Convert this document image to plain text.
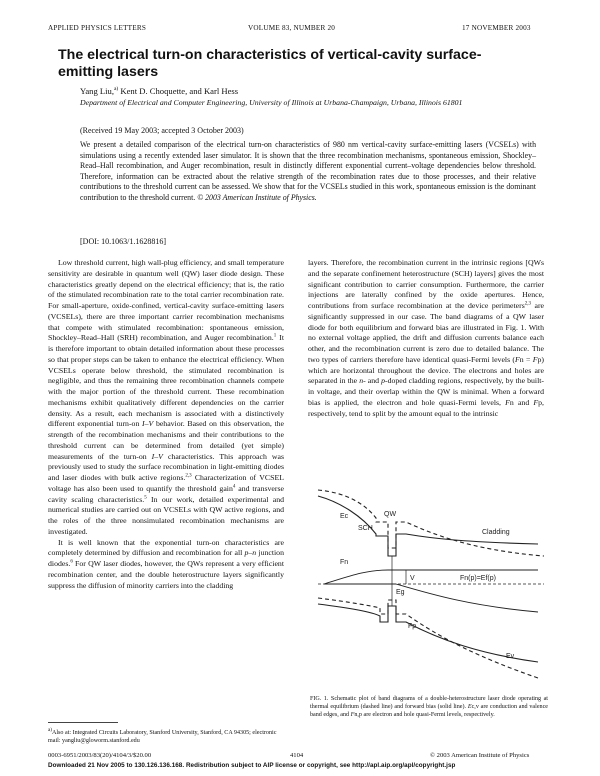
APPLIED PHYSICS LETTERS	VOLUME 83, NUMBER 20	17 NOVEMBER 2003
The electrical turn-on characteristics of vertical-cavity surface-emitting lasers
Yang Liu,$^{a)}$ Kent D. Choquette, and Karl Hess
Department of Electrical and Computer Engineering, University of Illinois at Urbana-Champaign, Urbana, Illinois 61801
(Received 19 May 2003; accepted 3 October 2003)
We present a detailed comparison of the electrical turn-on characteristics of 980 nm vertical-cavity surface-emitting lasers (VCSELs) with simulations using a recently extended laser simulator. It is shown that the three recombination mechanisms, spontaneous emission, Shockley–Read–Hall recombination, and Auger recombination, result in distinctly different exponential current–voltage dependencies below threshold. Therefore, information can be extracted about the relative strength of the recombination rates due to those processes, and their relative contributions to the threshold current can be assessed. We show that for the VCSELs studied in this work, spontaneous emission is the dominant contribution to the threshold current. © 2003 American Institute of Physics.
[DOI: 10.1063/1.1628816]

Low threshold current, high wall-plug efficiency, and small temperature sensitivity are desirable in quantum well (QW) laser diode design. These characteristics greatly depend on the electrical efficiency; that is, the ratio of the stimulated recombination rate to the total carrier recombination rate. For small-aperture, oxide-confined, vertical-cavity surface-emitting lasers (VCSELs), there are three important carrier recombination mechanisms that compete with stimulated recombination: spontaneous emission, Shockley–Read–Hall (SRH) recombination, and Auger recombination.$^1$ It is therefore important to obtain detailed information about these processes so that proper steps can be taken to enhance the electrical efficiency. When VCSELs operate below threshold, the stimulated recombination is negligible, and thus the remaining three recombination channels compete with the major portion of the threshold current. These recombination mechanisms exhibit qualitatively different dependencies on the carrier density. As a result, each mechanism is associated with a distinctively different exponential turn-on I–V behavior. Based on this observation, the strength of the recombination mechanisms and their contributions to the threshold current can be determined from detailed (yet simple) measurements of the turn-on I–V characteristics. This approach was previously used to study the surface recombination in light-emitting diodes and laser diodes with bulk active regions.$^{2,3}$ Characterization of VCSEL voltage has also been used to quantify the threshold gain$^4$ and transverse cavity scaling characteristics.$^5$ In our work, detailed experimental and numerical studies are carried out on VCSELs with QW active regions, and the roles of the three nonsimulated recombination mechanisms are investigated.

It is well known that the exponential turn-on characteristics are completely determined by diffusion and recombination for all p–n junction diodes.$^6$ For QW laser diodes, however, the QWs represent a very efficient recombination center, and the double heterostructure layers significantly suppress the diffusion of minority carriers into the cladding

layers. Therefore, the recombination current in the intrinsic regions [QWs and the separate confinement heterostructure (SCH) layers] gives the most significant contribution to carrier consumption. Furthermore, the carrier injections are laterally confined by the oxide apertures. Hence, contributions from surface recombination at the device perimeters$^{2,3}$ are significantly suppressed in our case. The band diagrams of a QW laser diode for both equilibrium and forward bias are illustrated in Fig. 1. With no external voltage applied, the drift and diffusion currents balance each other, and the recombination current is zero due to detailed balance. The two types of carriers therefore have identical quasi-Fermi levels (Fn = Fp) which are horizontal throughout the device. The electrons and holes are separated in the n- and p-doped cladding regions, respectively, by the built-in voltage, and their overlap within the QW is minimal. When a forward bias is applied, the electron and hole quasi-Fermi levels, Fn and Fp, respectively, tend to split by the amount equal to the intrinsic

Ec
SCH
QW
Cladding
Fn
V
Eg
Fn(p)=Ef(p)
Fp
Ev
FIG. 1. Schematic plot of band diagrams of a double-heterostructure laser diode operating at thermal equilibrium (dashed line) and forward bias (solid line). Ec,v are conduction and valence band edges, and Fn,p are electron and hole quasi-Fermi levels, respectively.
$^{a)}$Also at: Integrated Circuits Laboratory, Stanford University, Stanford, CA 94305; electronic mail: yangliu@gloworm.stanford.edu
0003-6951/2003/83(20)/4104/3/$20.00	4104	© 2003 American Institute of Physics
Downloaded 21 Nov 2005 to 130.126.136.168. Redistribution subject to AIP license or copyright, see http://apl.aip.org/apl/copyright.jsp
